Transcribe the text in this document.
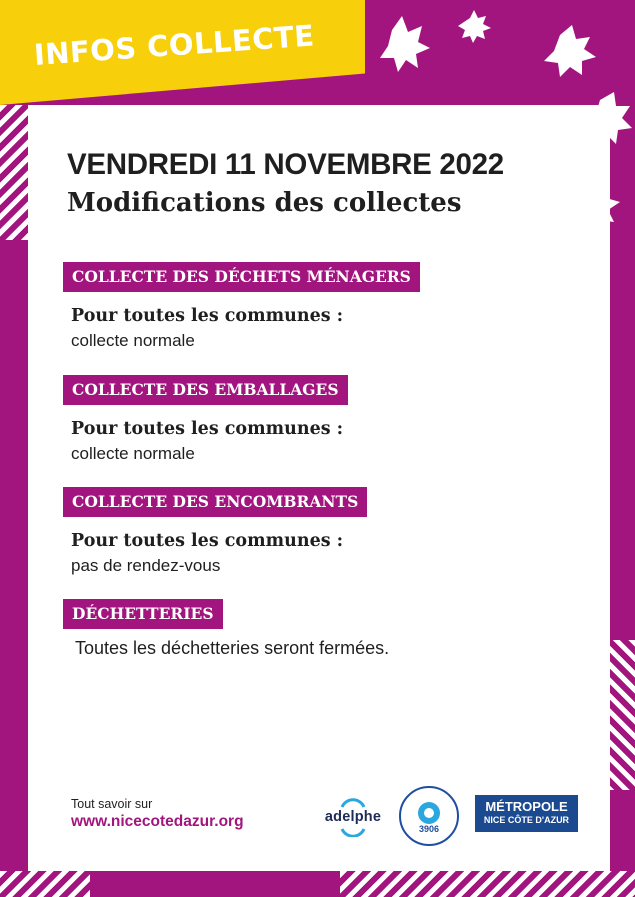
INFOS COLLECTE
VENDREDI 11 NOVEMBRE 2022
Modifications des collectes
COLLECTE DES DÉCHETS MÉNAGERS
Pour toutes les communes :
collecte normale
COLLECTE DES EMBALLAGES
Pour toutes les communes :
collecte normale
COLLECTE DES ENCOMBRANTS
Pour toutes les communes :
pas de rendez-vous
DÉCHETTERIES
Toutes les déchetteries seront fermées.
Tout savoir sur
www.nicecotedazur.org	adelphe
3906
MÉTROPOLE
NICE CÔTE D'AZUR
